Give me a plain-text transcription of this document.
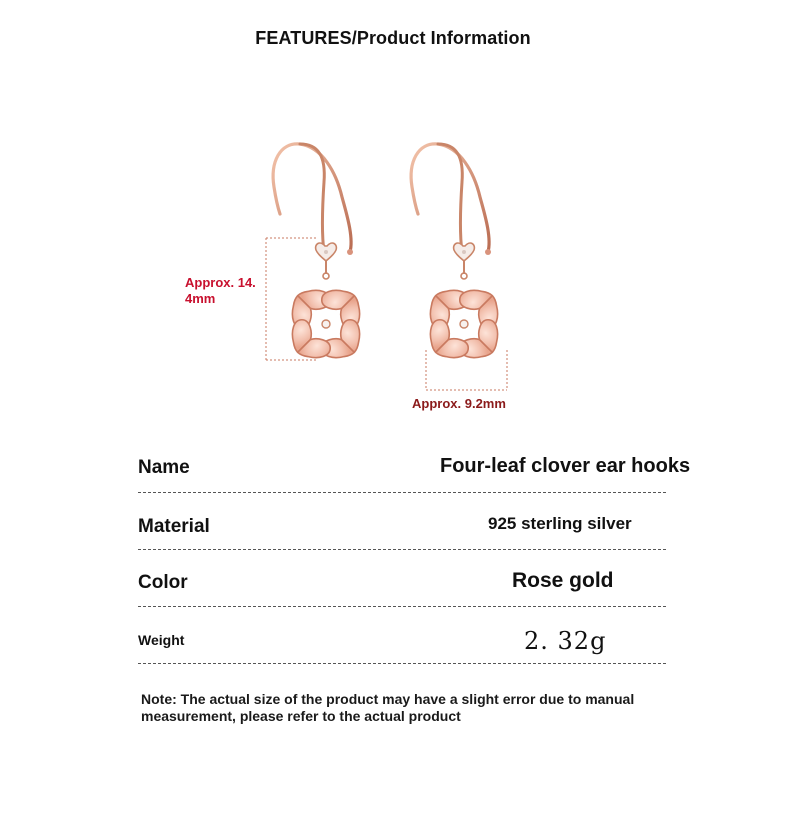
FEATURES/Product Information
Approx. 14.
4mm
Approx. 9.2mm
Name	Four-leaf clover ear hooks
Material	925 sterling silver
Color	Rose gold
Weight	2. 32g
Note: The actual size of the product may have a slight error due to manual measurement, please refer to the actual product
